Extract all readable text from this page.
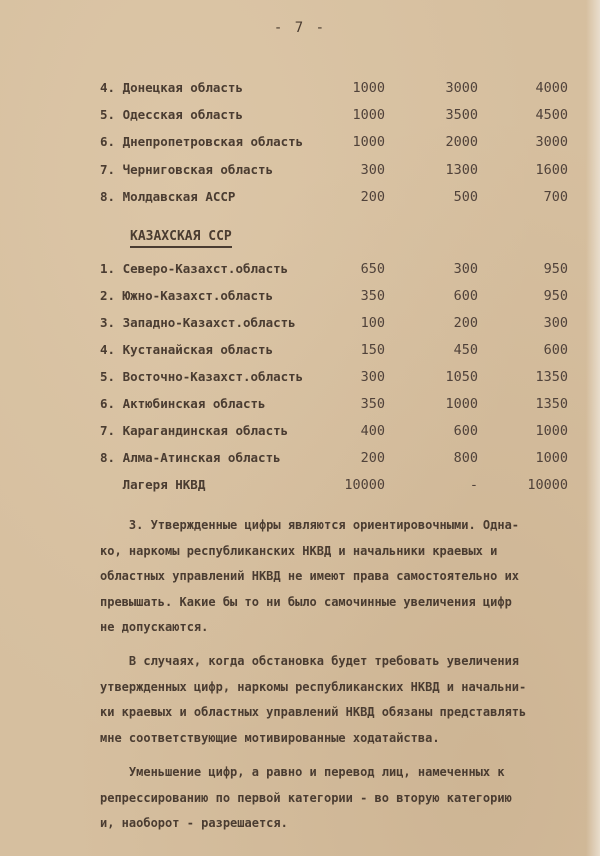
- 7 -
4. Донецкая область	1000	3000	4000
5. Одесская область	1000	3500	4500
6. Днепропетровская область	1000	2000	3000
7. Черниговская область	300	1300	1600
8. Молдавская АССР	200	500	700
КАЗАХСКАЯ ССР
1. Северо-Казахст.область	650	300	950
2. Южно-Казахст.область	350	600	950
3. Западно-Казахст.область	100	200	300
4. Кустанайская область	150	450	600
5. Восточно-Казахст.область	300	1050	1350
6. Актюбинская область	350	1000	1350
7. Карагандинская область	400	600	1000
8. Алма-Атинская область	200	800	1000
Лагеря НКВД	10000	-	10000
3. Утвержденные цифры являются ориентировочными. Одна-
ко, наркомы республиканских НКВД и начальники краевых и
областных управлений НКВД не имеют права самостоятельно их
превышать. Какие бы то ни было самочинные увеличения цифр
не допускаются.
В случаях, когда обстановка будет требовать увеличения
утвержденных цифр, наркомы республиканских НКВД и начальни-
ки краевых и областных управлений НКВД обязаны представлять
мне соответствующие мотивированные ходатайства.
Уменьшение цифр, а равно и перевод лиц, намеченных к
репрессированию по первой категории - во вторую категорию
и, наоборот - разрешается.
